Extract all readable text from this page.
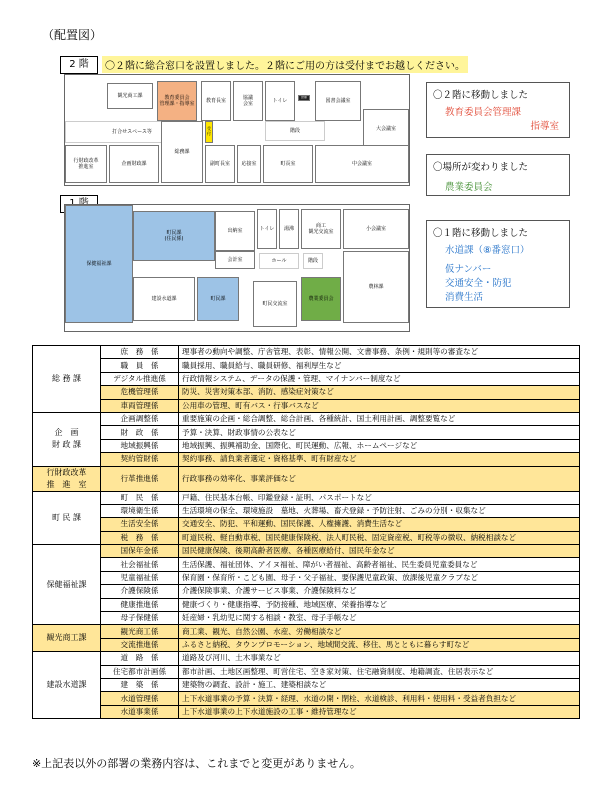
（配置図）
2 階	〇２階に総合窓口を設置しました。２階にご用の方は受付までお越しください。
観光商工課	教育委員会
管理課・指導室	教育長室	協議
会室	トイレ
倉庫
図書会議室
打合せスペース等
受付	階段	大会議室
行財政改革
推進室	企画財政課
総務課
副町長室	応接室	町長室	中会議室
保健福祉課
町民課
(住民係)
出納室	トイレ	湯沸	商工
観光交流室	小会議室
会計室	ホール	階段
建設水道課	町民課
町民交流室
農業委員会
農林課
〇２階に移動しました
教育委員会管理課
指導室
〇場所が変わりました
農業委員会
〇１階に移動しました
水道課（⑧番窓口）
仮ナンバー
交通安全・防犯
消費生活
総 務 課	庶　務　係	理事者の動向や調整、庁舎管理、表彰、情報公開、文書事務、条例・規則等の審査など
	職　員　係	職員採用、職員給与、職員研修、福利厚生など
	デジタル推進係	行政情報システム、データの保護・管理、マイナンバー制度など
	危機管理係	防災、災害対策本部、消防、感染症対策など
	車両管理係	公用車の管理、町有バス・行事バスなど
企　画
財 政 課	企画調整係	重要施策の企画・総合調整、総合計画、各種統計、国土利用計画、調整要覧など
	財　政　係	予算・決算、財政事情の公表など
	地域振興係	地域振興、振興補助金、国際化、町民運動、広報、ホームページなど
	契約管財係	契約事務、請負業者選定・資格基準、町有財産など
行財政改革
推　進　室	行革推進係	行政事務の効率化、事業評価など
町 民 課	町　民　係	戸籍、住民基本台帳、印鑑登録・証明、パスポートなど
	環境衛生係	生活環境の保全、環境施設　墓地、火葬場、畜犬登録・予防注射、ごみの分別・収集など
	生活安全係	交通安全、防犯、平和運動、国民保護、人権擁護、消費生活など
	税　務　係	町道民税、軽自動車税、国民健康保険税、法人町民税、固定資産税、町税等の徴収、納税相談など
保健福祉課	国保年金係	国民健康保険、後期高齢者医療、各種医療給付、国民年金など
	社会福祉係	生活保護、福祉団体、アイヌ福祉、障がい者福祉、高齢者福祉、民生委員児童委員など
	児童福祉係	保育園・保育所・こども園、母子・父子福祉、要保護児童政策、放課後児童クラブなど
	介護保険係	介護保険事業、介護サービス事業、介護保険料など
	健康推進係	健康づくり・健康指導、予防接種、地域医療、栄養指導など
	母子保健係	妊産婦・乳幼児に関する相談・教室、母子手帳など
観光商工課	観光商工係	商工業、観光、自然公園、水産、労働相談など
	交流推進係	ふるさと納税、タウンプロモーション、地域間交流、移住、馬とともに暮らす町など
建設水道課	道　路　係	道路及び河川、土木事業など
	住宅都市計画係	都市計画、土地区画整理、町営住宅、空き家対策、住宅融資制度、地籍調査、住居表示など
	建　築　係	建築物の調査、設計・施工、建築相談など
	水道管理係	上下水道事業の予算・決算・経理、水道の開・閉栓、水道検診、利用料・使用料・受益者負担など
	水道事業係	上下水道事業の上下水道施設の工事・維持管理など
※上記表以外の部署の業務内容は、これまでと変更がありません。
